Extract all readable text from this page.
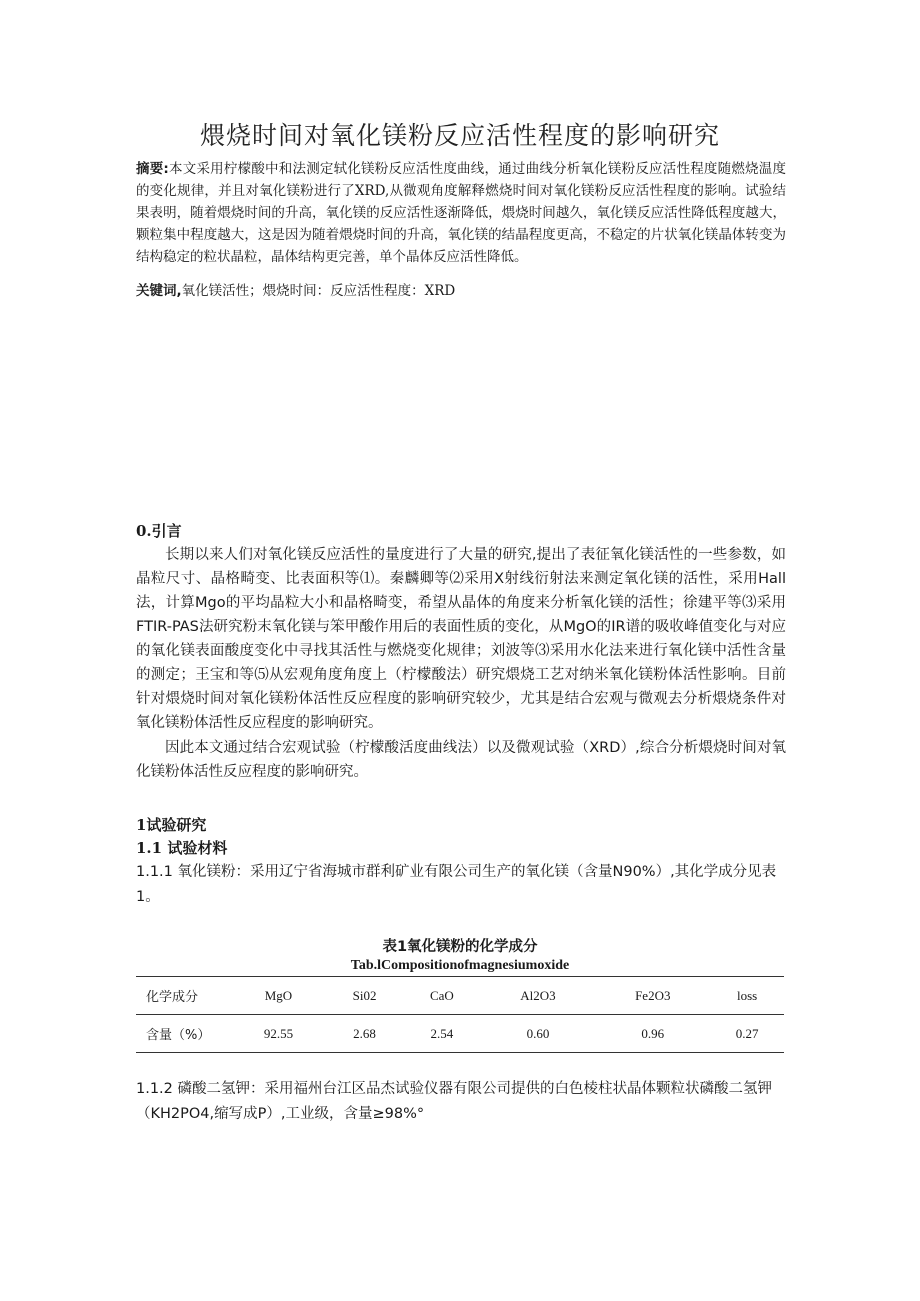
煨烧时间对氧化镁粉反应活性程度的影响研究
摘要:本文采用柠檬酸中和法测定轼化镁粉反应活性度曲线，通过曲线分析氧化镁粉反应活性程度随燃烧温度的变化规律，并且对氧化镁粉进行了XRD,从微观角度解释燃烧时间对氧化镁粉反应活性程度的影响。试验结果表明，随着煨烧时间的升高，氧化镁的反应活性逐渐降低，煨烧时间越久，氧化镁反应活性降低程度越大，颗粒集中程度越大，这是因为随着煨烧时间的升高，氧化镁的结晶程度更高，不稳定的片状氧化镁晶体转变为结构稳定的粒状晶粒，晶体结构更完善，单个晶体反应活性降低。
关键词,氧化镁活性；煨烧时间：反应活性程度：XRD
0.引言
长期以来人们对氧化镁反应活性的量度进行了大量的研究,提出了表征氧化镁活性的一些参数，如晶粒尺寸、晶格畸变、比表面积等⑴。秦麟卿等⑵采用X射线衍射法来测定氧化镁的活性，采用Hall法，计算Mgo的平均晶粒大小和晶格畸变，希望从晶体的角度来分析氧化镁的活性；徐建平等⑶采用FTIR-PAS法研究粉末氧化镁与笨甲酸作用后的表面性质的变化，从MgO的IR谱的吸收峰值变化与对应的氧化镁表面酸度变化中寻找其活性与燃烧变化规律；刘波等⑶采用水化法来进行氧化镁中活性含量的测定；王宝和等⑸从宏观角度角度上（柠檬酸法）研究煨烧工艺对纳米氧化镁粉体活性影响。目前针对煨烧时间对氧化镁粉体活性反应程度的影响研究较少，尤其是结合宏观与微观去分析煨烧条件对氧化镁粉体活性反应程度的影响研究。
因此本文通过结合宏观试验（柠檬酸活度曲线法）以及微观试验（XRD）,综合分析煨烧时间对氧化镁粉体活性反应程度的影响研究。
1试验研究
1.1 试验材料
1.1.1 氧化镁粉：采用辽宁省海城市群利矿业有限公司生产的氧化镁（含量N90%）,其化学成分见表1。
表1氧化镁粉的化学成分
Tab.lCompositionofmagnesiumoxide
化学成分	MgO	Si02	CaO	Al2O3	Fe2O3	loss
含量（%）	92.55	2.68	2.54	0.60	0.96	0.27
1.1.2 磷酸二氢钾：采用福州台江区品杰试验仪器有限公司提供的白色棱柱状晶体颗粒状磷酸二氢钾（KH2PO4,缩写成P）,工业级，含量≥98%°
